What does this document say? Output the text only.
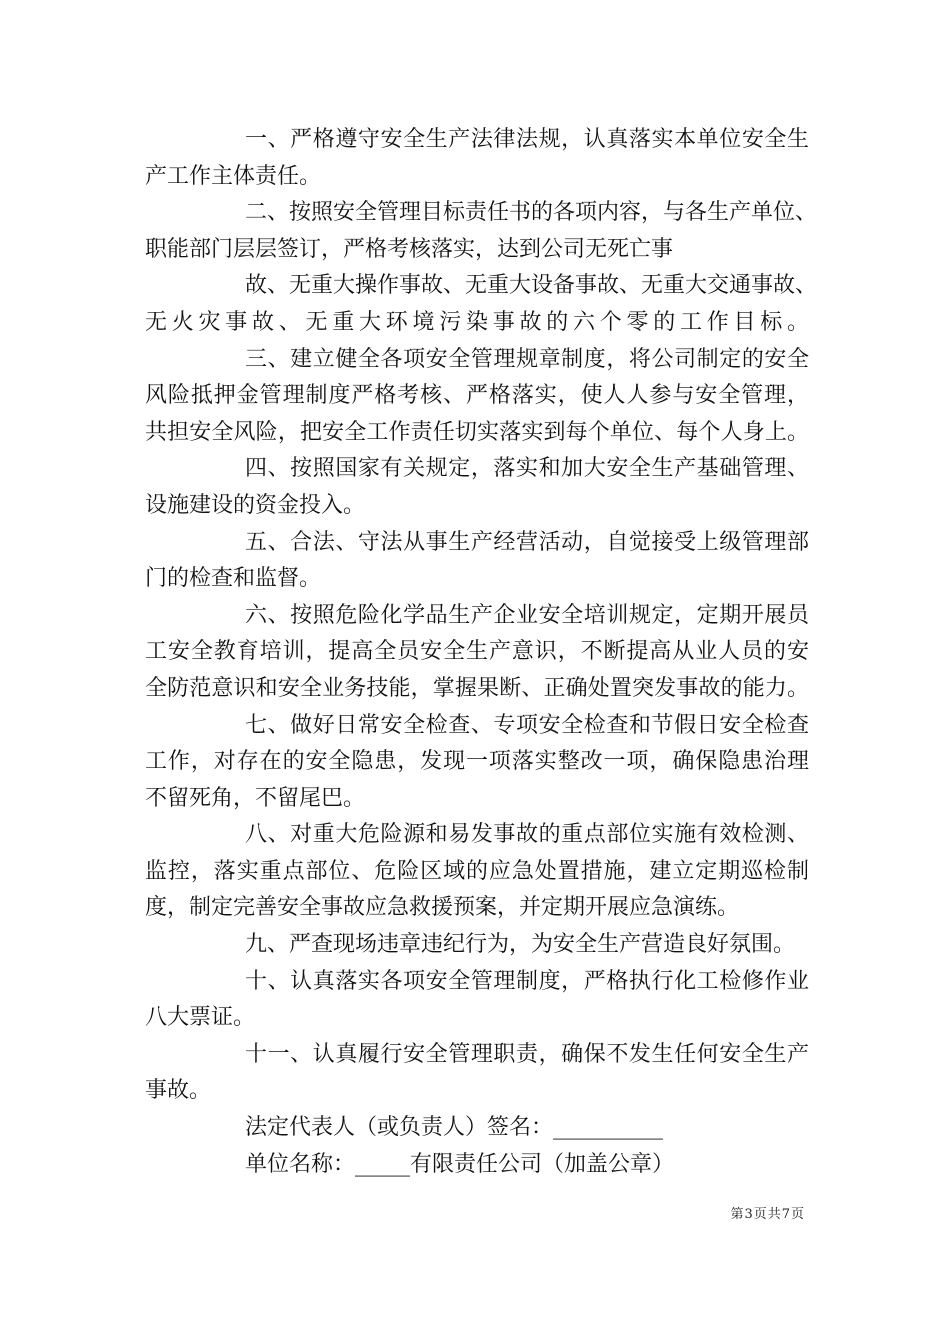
一、严格遵守安全生产法律法规，认真落实本单位安全生
产工作主体责任。
二、按照安全管理目标责任书的各项内容，与各生产单位、
职能部门层层签订，严格考核落实，达到公司无死亡事
故、无重大操作事故、无重大设备事故、无重大交通事故、
无火灾事故、无重大环境污染事故的六个零的工作目标。
三、建立健全各项安全管理规章制度，将公司制定的安全
风险抵押金管理制度严格考核、严格落实，使人人参与安全管理，
共担安全风险，把安全工作责任切实落实到每个单位、每个人身上。
四、按照国家有关规定，落实和加大安全生产基础管理、
设施建设的资金投入。
五、合法、守法从事生产经营活动，自觉接受上级管理部
门的检查和监督。
六、按照危险化学品生产企业安全培训规定，定期开展员
工安全教育培训，提高全员安全生产意识，不断提高从业人员的安
全防范意识和安全业务技能，掌握果断、正确处置突发事故的能力。
七、做好日常安全检查、专项安全检查和节假日安全检查
工作，对存在的安全隐患，发现一项落实整改一项，确保隐患治理
不留死角，不留尾巴。
八、对重大危险源和易发事故的重点部位实施有效检测、
监控，落实重点部位、危险区域的应急处置措施，建立定期巡检制
度，制定完善安全事故应急救援预案，并定期开展应急演练。
九、严查现场违章违纪行为，为安全生产营造良好氛围。
十、认真落实各项安全管理制度，严格执行化工检修作业
八大票证。
十一、认真履行安全管理职责，确保不发生任何安全生产
事故。
法定代表人（或负责人）签名：__________
单位名称：_____有限责任公司（加盖公章）
第3页共7页
